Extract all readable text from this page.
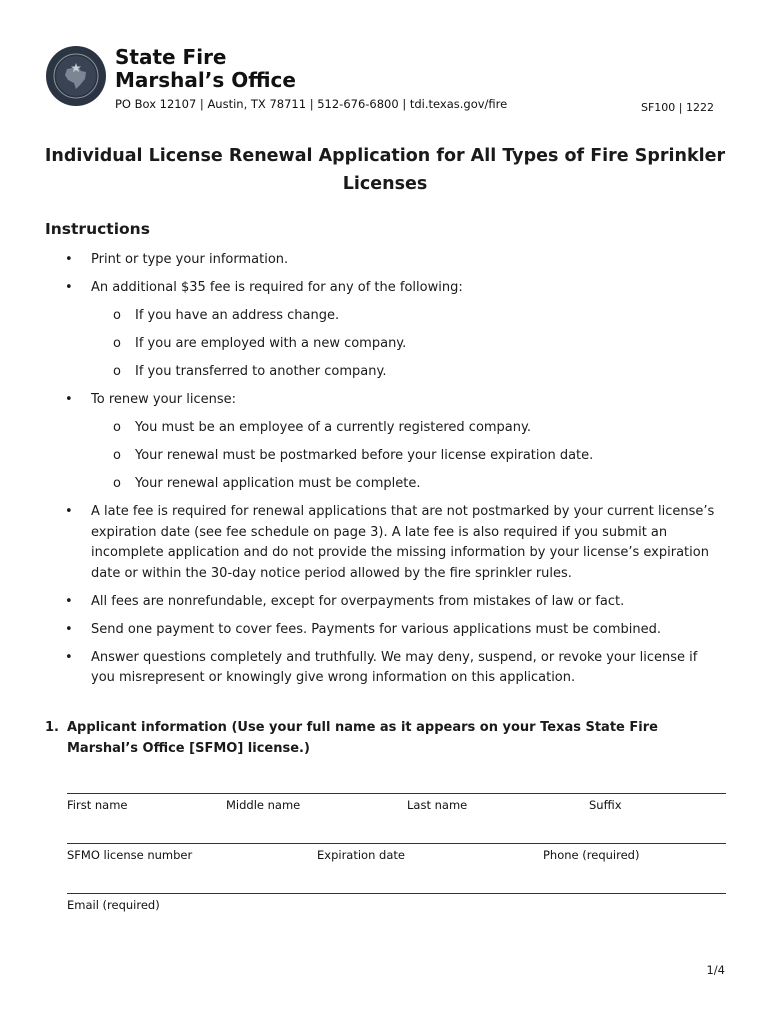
State Fire
Marshal’s Office
PO Box 12107 | Austin, TX 78711 | 512-676-6800 | tdi.texas.gov/fire	SF100 | 1222
Individual License Renewal Application for All Types of Fire Sprinkler Licenses
Instructions
• Print or type your information.
• An additional $35 fee is required for any of the following:
o If you have an address change.
o If you are employed with a new company.
o If you transferred to another company.
• To renew your license:
o You must be an employee of a currently registered company.
o Your renewal must be postmarked before your license expiration date.
o Your renewal application must be complete.
• A late fee is required for renewal applications that are not postmarked by your current license’s expiration date (see fee schedule on page 3). A late fee is also required if you submit an incomplete application and do not provide the missing information by your license’s expiration date or within the 30-day notice period allowed by the fire sprinkler rules.
• All fees are nonrefundable, except for overpayments from mistakes of law or fact.
• Send one payment to cover fees. Payments for various applications must be combined.
• Answer questions completely and truthfully. We may deny, suspend, or revoke your license if you misrepresent or knowingly give wrong information on this application.
1. Applicant information (Use your full name as it appears on your Texas State Fire Marshal’s Office [SFMO] license.)
First name	Middle name	Last name	Suffix
SFMO license number	Expiration date	Phone (required)
Email (required)
1/4
